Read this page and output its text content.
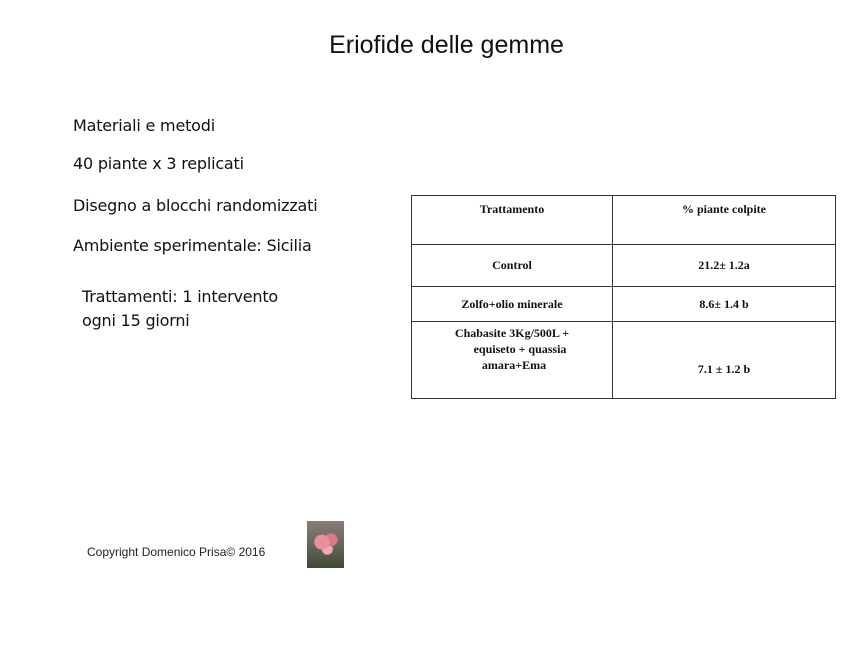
Eriofide delle gemme
Materiali e metodi
40 piante x 3 replicati
Disegno a blocchi randomizzati
Ambiente sperimentale: Sicilia
Trattamenti: 1 intervento
ogni 15 giorni
Trattamento	% piante colpite
Control	21.2± 1.2a
Zolfo+olio minerale	8.6± 1.4 b

Chabasite 3Kg/500L +
equiseto + quassia
amara+Ema	7.1 ± 1.2 b
Copyright Domenico Prisa© 2016
